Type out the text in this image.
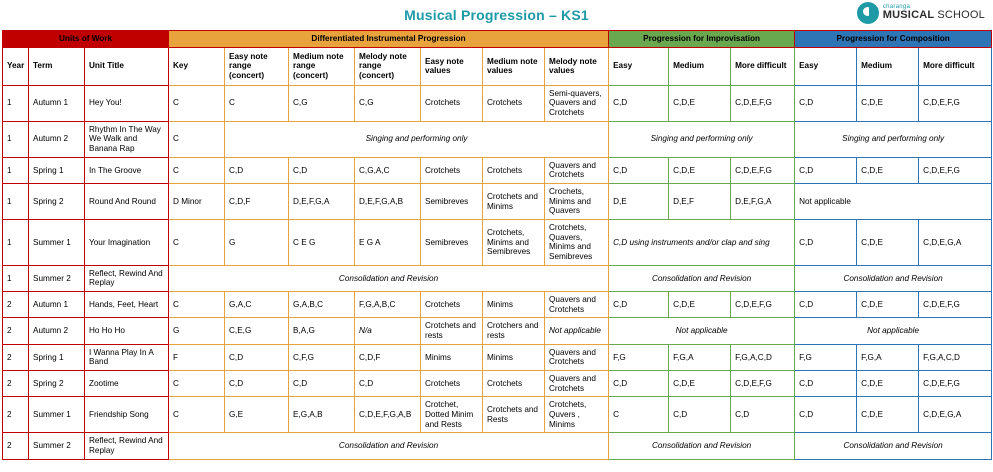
Musical Progression – KS1	charanga
MUSICAL SCHOOL
Units of Work			Differentiated Instrumental Progression							Progression for Improvisation			Progression for Composition		
Year	Term	Unit Title	Key	Easy note range (concert)	Medium note range (concert)	Melody note range (concert)	Easy note values	Medium note values	Melody note values	Easy	Medium	More difficult	Easy	Medium	More difficult
1	Autumn 1	Hey You!	C	C	C,G	C,G	Crotchets	Crotchets	Semi-quavers, Quavers and Crotchets	C,D	C,D,E	C,D,E,F,G	C,D	C,D,E	C,D,E,F,G
1	Autumn 2	Rhythm In The Way We Walk and Banana Rap	C	Singing and performing only						Singing and performing only			Singing and performing only		
1	Spring 1	In The Groove	C	C,D	C,D	C,G,A,C	Crotchets	Crotchets	Quavers and Crotchets	C,D	C,D,E	C,D,E,F,G	C,D	C,D,E	C,D,E,F,G
1	Spring 2	Round And Round	D Minor	C,D,F	D,E,F,G,A	D,E,F,G,A,B	Semibreves	Crotchets and Minims	Crochets, Minims and Quavers	D,E	D,E,F	D,E,F,G,A	Not applicable		
1	Summer 1	Your Imagination	C	G	C E G	E G A	Semibreves	Crotchets, Minims and Semibreves	Crotchets, Quavers, Minims and Semibreves	C,D using instruments and/or clap and sing			C,D	C,D,E	C,D,E,G,A
1	Summer 2	Reflect, Rewind And Replay	Consolidation and Revision							Consolidation and Revision			Consolidation and Revision		
2	Autumn 1	Hands, Feet, Heart	C	G,A,C	G,A,B,C	F,G,A,B,C	Crotchets	Minims	Quavers and Crotchets	C,D	C,D,E	C,D,E,F,G	C,D	C,D,E	C,D,E,F,G
2	Autumn 2	Ho Ho Ho	G	C,E,G	B,A,G	N/a	Crotchets and rests	Crotchers and rests	Not applicable	Not applicable			Not applicable		
2	Spring 1	I Wanna Play In A Band	F	C,D	C,F,G	C,D,F	Minims	Minims	Quavers and Crotchets	F,G	F,G,A	F,G,A,C,D	F,G	F,G,A	F,G,A,C,D
2	Spring 2	Zootime	C	C,D	C,D	C,D	Crotchets	Crotchets	Quavers and Crotchets	C,D	C,D,E	C,D,E,F,G	C,D	C,D,E	C,D,E,F,G
2	Summer 1	Friendship Song	C	G,E	E,G,A,B	C,D,E,F,G,A,B	Crotchet, Dotted Minim and Rests	Crotchets and Rests	Crotchets, Quvers , Minims	C	C,D	C,D	C,D	C,D,E	C,D,E,G,A
2	Summer 2	Reflect, Rewind And Replay	Consolidation and Revision							Consolidation and Revision			Consolidation and Revision		
